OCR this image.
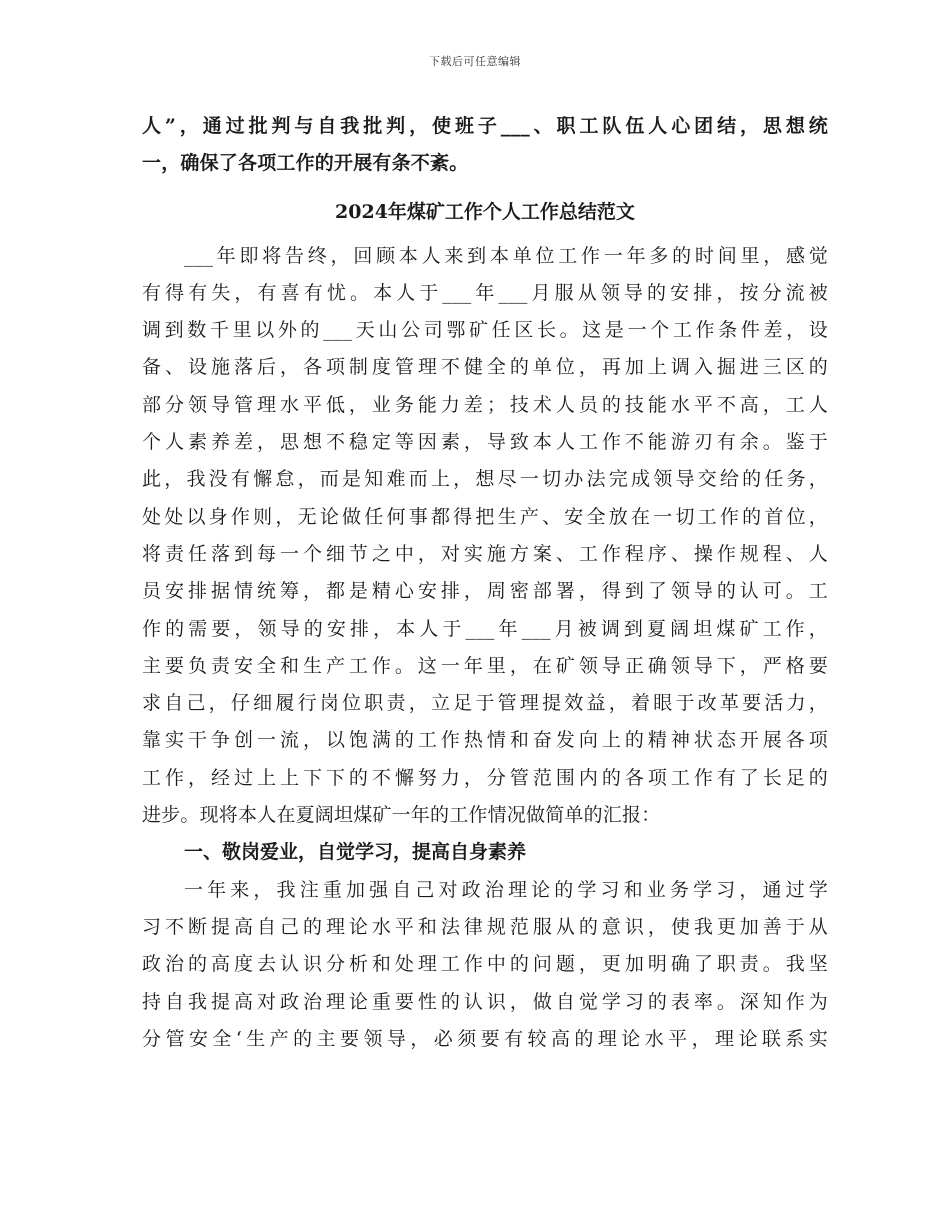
下载后可任意编辑
人”，通过批判与自我批判，使班子___、职工队伍人心团结，思想统
一，确保了各项工作的开展有条不紊。
2024年煤矿工作个人工作总结范文
___年即将告终，回顾本人来到本单位工作一年多的时间里，感觉
有得有失，有喜有忧。本人于___年___月服从领导的安排，按分流被
调到数千里以外的___天山公司鄂矿任区长。这是一个工作条件差，设
备、设施落后，各项制度管理不健全的单位，再加上调入掘进三区的
部分领导管理水平低，业务能力差；技术人员的技能水平不高，工人
个人素养差，思想不稳定等因素，导致本人工作不能游刃有余。鉴于
此，我没有懈怠，而是知难而上，想尽一切办法完成领导交给的任务，
处处以身作则，无论做任何事都得把生产、安全放在一切工作的首位，
将责任落到每一个细节之中，对实施方案、工作程序、操作规程、人
员安排据情统筹，都是精心安排，周密部署，得到了领导的认可。工
作的需要，领导的安排，本人于___年___月被调到夏阔坦煤矿工作，
主要负责安全和生产工作。这一年里，在矿领导正确领导下，严格要
求自己，仔细履行岗位职责，立足于管理提效益，着眼于改革要活力，
靠实干争创一流，以饱满的工作热情和奋发向上的精神状态开展各项
工作，经过上上下下的不懈努力，分管范围内的各项工作有了长足的
进步。现将本人在夏阔坦煤矿一年的工作情况做简单的汇报：
一、敬岗爱业，自觉学习，提高自身素养
一年来，我注重加强自己对政治理论的学习和业务学习，通过学
习不断提高自己的理论水平和法律规范服从的意识，使我更加善于从
政治的高度去认识分析和处理工作中的问题，更加明确了职责。我坚
持自我提高对政治理论重要性的认识，做自觉学习的表率。深知作为
分管安全‘生产的主要领导，必须要有较高的理论水平，理论联系实
